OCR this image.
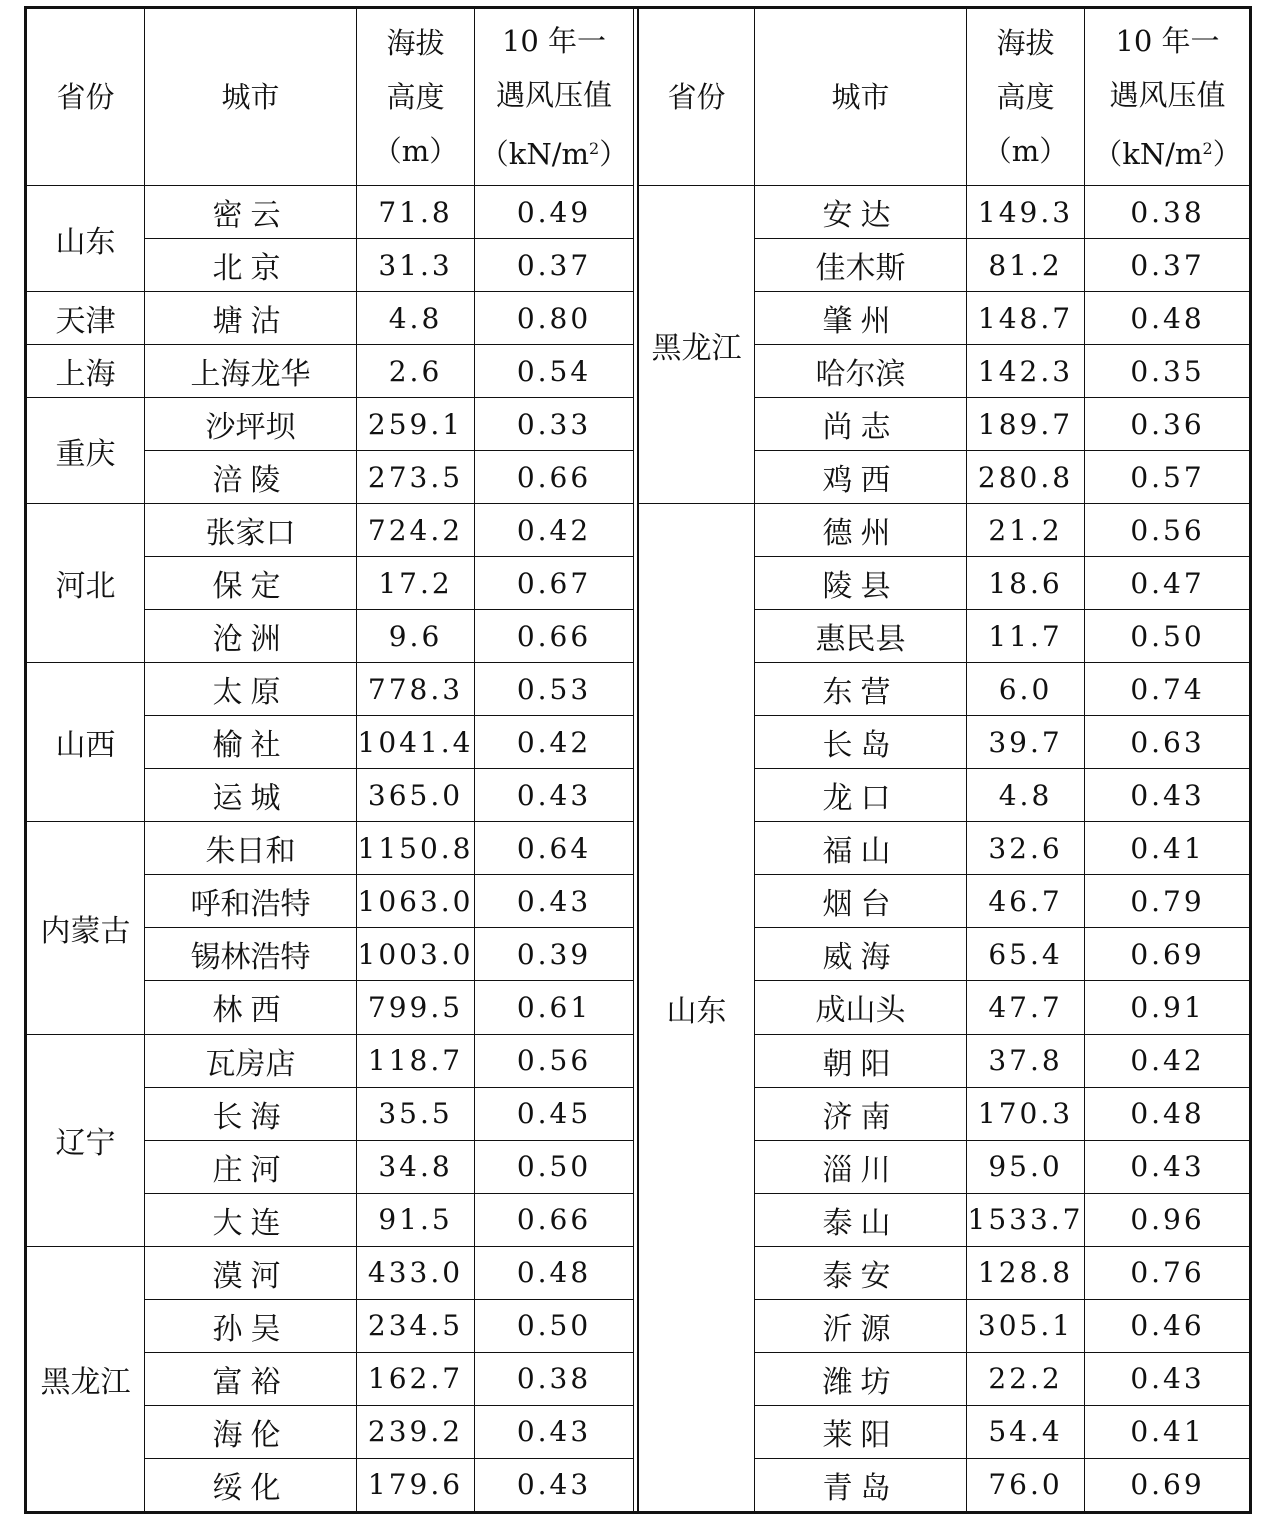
省份	城市	海拔
高度
（m）	10 年一
遇风压值
$(kN/m^2)$
山东	密云	71.8	0.49
	北京	31.3	0.37
天津	塘沽	4.8	0.80
上海	上海龙华	2.6	0.54
重庆	沙坪坝	259.1	0.33
	涪陵	273.5	0.66
河北	张家口	724.2	0.42
	保定	17.2	0.67
	沧洲	9.6	0.66
山西	太原	778.3	0.53
	榆社	1041.4	0.42
	运城	365.0	0.43
内蒙古	朱日和	1150.8	0.64
	呼和浩特	1063.0	0.43
	锡林浩特	1003.0	0.39
	林西	799.5	0.61
辽宁	瓦房店	118.7	0.56
	长海	35.5	0.45
	庄河	34.8	0.50
	大连	91.5	0.66
黑龙江	漠河	433.0	0.48
	孙吴	234.5	0.50
	富裕	162.7	0.38
	海伦	239.2	0.43
	绥化	179.6	0.43
省份	城市	海拔
高度
（m）	10 年一
遇风压值
$(kN/m^2)$
黑龙江	安达	149.3	0.38
	佳木斯	81.2	0.37
	肇州	148.7	0.48
	哈尔滨	142.3	0.35
	尚志	189.7	0.36
	鸡西	280.8	0.57
山东	德州	21.2	0.56
	陵县	18.6	0.47
	惠民县	11.7	0.50
	东营	6.0	0.74
	长岛	39.7	0.63
	龙口	4.8	0.43
	福山	32.6	0.41
	烟台	46.7	0.79
	威海	65.4	0.69
	成山头	47.7	0.91
	朝阳	37.8	0.42
	济南	170.3	0.48
	淄川	95.0	0.43
	泰山	1533.7	0.96
	泰安	128.8	0.76
	沂源	305.1	0.46
	潍坊	22.2	0.43
	莱阳	54.4	0.41
	青岛	76.0	0.69
